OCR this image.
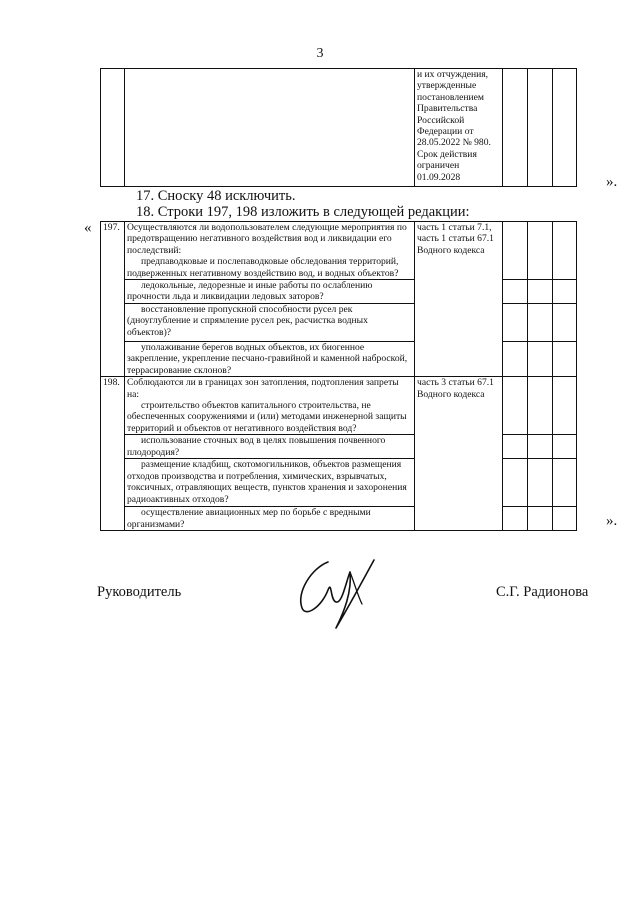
3
		и их отчуждения, утвержденные постановлением Правительства Российской Федерации от 28.05.2022 № 980. Срок действия ограничен 01.09.2028				».
17. Сноску 48 исключить.
18. Строки 197, 198 изложить в следующей редакции:
« 197.	Осуществляются ли водопользователем следующие мероприятия по предотвращению негативного воздействия вод и ликвидации его последствий:
предпаводковые и послепаводковые обследования территорий, подверженных негативному воздействию вод, и водных объектов?	часть 1 статьи 7.1, часть 1 статьи 67.1 Водного кодекса			
	ледокольные, ледорезные и иные работы по ослаблению прочности льда и ликвидации ледовых заторов?				
	восстановление пропускной способности русел рек (дноуглубление и спрямление русел рек, расчистка водных объектов)?				
	уполаживание берегов водных объектов, их биогенное закрепление, укрепление песчано-гравийной и каменной наброской, террасирование склонов?				
198.	Соблюдаются ли в границах зон затопления, подтопления запреты на:
строительство объектов капитального строительства, не обеспеченных сооружениями и (или) методами инженерной защиты территорий и объектов от негативного воздействия вод?	часть 3 статьи 67.1 Водного кодекса			
	использование сточных вод в целях повышения почвенного плодородия?				
	размещение кладбищ, скотомогильников, объектов размещения отходов производства и потребления, химических, взрывчатых, токсичных, отравляющих веществ, пунктов хранения и захоронения радиоактивных отходов?				
	осуществление авиационных мер по борьбе с вредными организмами?					».
Руководитель	С.Г. Радионова
